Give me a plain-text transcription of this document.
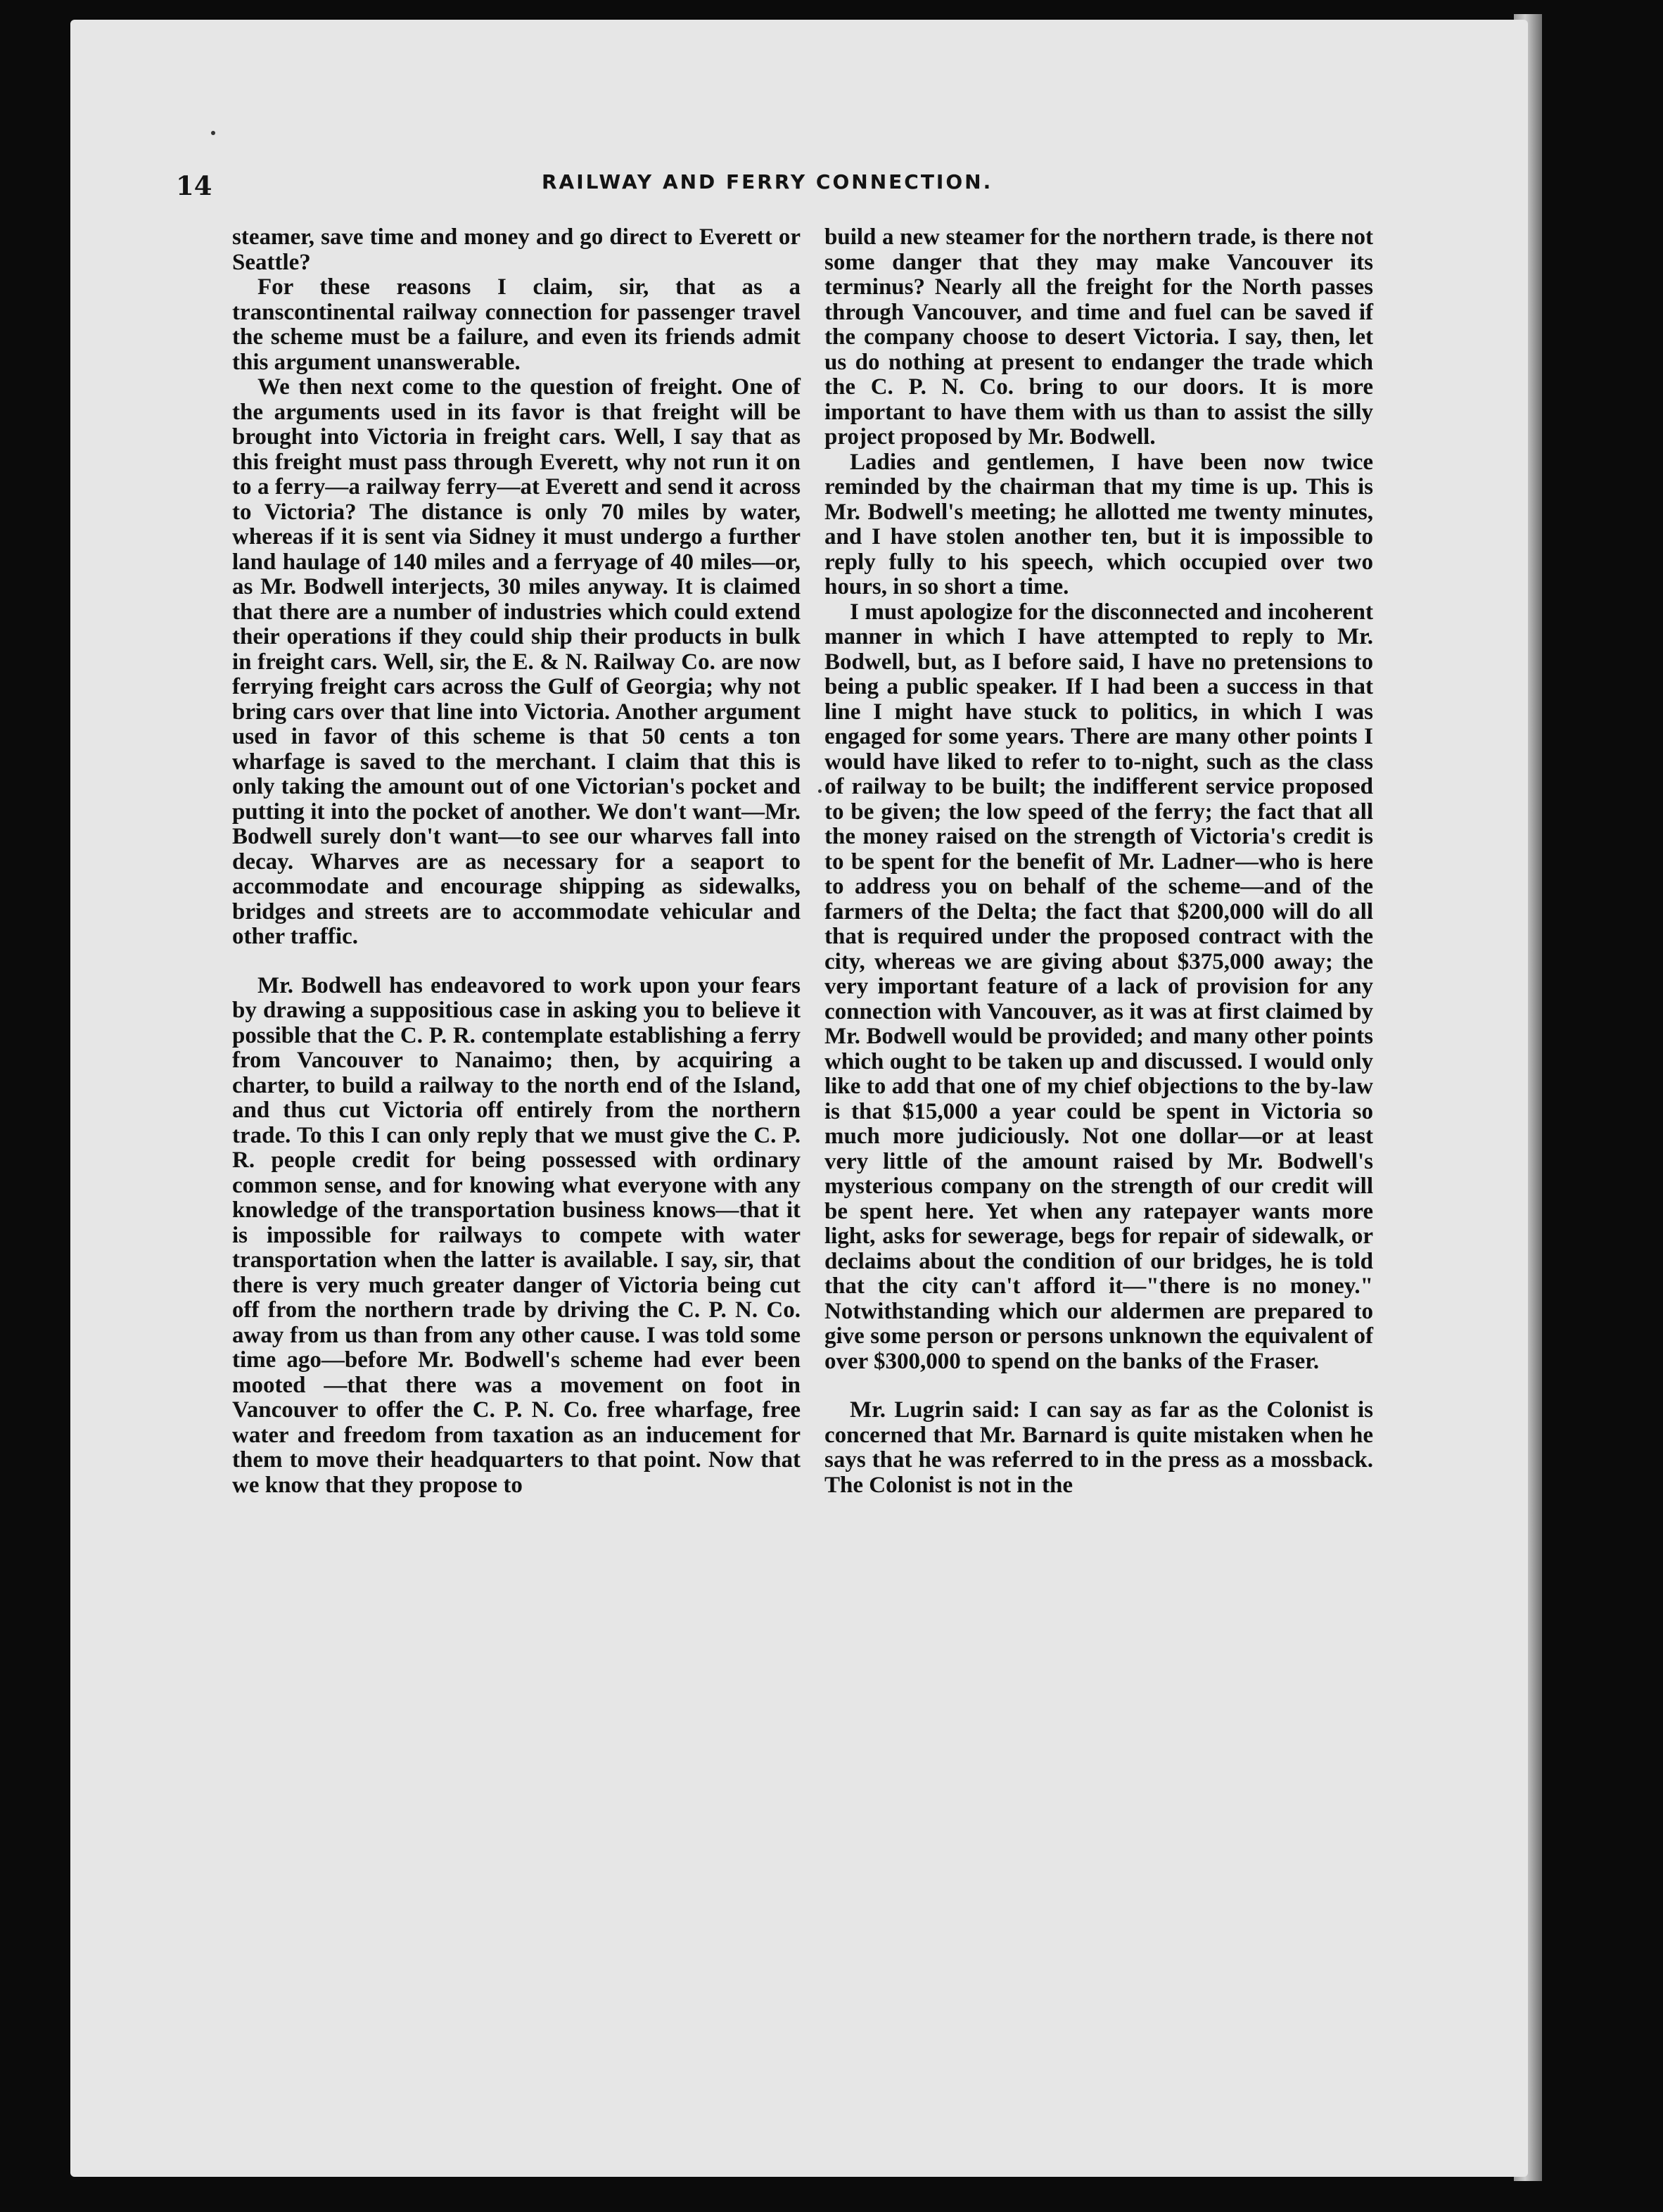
14	RAILWAY AND FERRY CONNECTION.

steamer, save time and money and go direct to Everett or Seattle?

For these reasons I claim, sir, that as a transcontinental railway connection for passenger travel the scheme must be a failure, and even its friends admit this argument unanswerable.

We then next come to the question of freight. One of the arguments used in its favor is that freight will be brought into Victoria in freight cars. Well, I say that as this freight must pass through Everett, why not run it on to a ferry—a railway ferry—at Everett and send it across to Victoria? The distance is only 70 miles by water, whereas if it is sent via Sidney it must undergo a further land haulage of 140 miles and a ferryage of 40 miles—or, as Mr. Bodwell interjects, 30 miles anyway. It is claimed that there are a number of industries which could extend their operations if they could ship their products in bulk in freight cars. Well, sir, the E. & N. Railway Co. are now ferrying freight cars across the Gulf of Georgia; why not bring cars over that line into Victoria. Another argument used in favor of this scheme is that 50 cents a ton wharfage is saved to the merchant. I claim that this is only taking the amount out of one Victorian's pocket and putting it into the pocket of another. We don't want—Mr. Bodwell surely don't want—to see our wharves fall into decay. Wharves are as necessary for a seaport to accommodate and encourage shipping as sidewalks, bridges and streets are to accommodate vehicular and other traffic.

Mr. Bodwell has endeavored to work upon your fears by drawing a suppositious case in asking you to believe it possible that the C. P. R. contemplate establishing a ferry from Vancouver to Nanaimo; then, by acquiring a charter, to build a railway to the north end of the Island, and thus cut Victoria off entirely from the northern trade. To this I can only reply that we must give the C. P. R. people credit for being possessed with ordinary common sense, and for knowing what everyone with any knowledge of the transportation business knows—that it is impossible for railways to compete with water transportation when the latter is available. I say, sir, that there is very much greater danger of Victoria being cut off from the northern trade by driving the C. P. N. Co. away from us than from any other cause. I was told some time ago—before Mr. Bodwell's scheme had ever been mooted —that there was a movement on foot in Vancouver to offer the C. P. N. Co. free wharfage, free water and freedom from taxation as an inducement for them to move their headquarters to that point. Now that we know that they propose to

build a new steamer for the northern trade, is there not some danger that they may make Vancouver its terminus? Nearly all the freight for the North passes through Vancouver, and time and fuel can be saved if the company choose to desert Victoria. I say, then, let us do nothing at present to endanger the trade which the C. P. N. Co. bring to our doors. It is more important to have them with us than to assist the silly project proposed by Mr. Bodwell.

Ladies and gentlemen, I have been now twice reminded by the chairman that my time is up. This is Mr. Bodwell's meeting; he allotted me twenty minutes, and I have stolen another ten, but it is impossible to reply fully to his speech, which occupied over two hours, in so short a time.

I must apologize for the disconnected and incoherent manner in which I have attempted to reply to Mr. Bodwell, but, as I before said, I have no pretensions to being a public speaker. If I had been a success in that line I might have stuck to politics, in which I was engaged for some years. There are many other points I would have liked to refer to to-night, such as the class of railway to be built; the indifferent service proposed to be given; the low speed of the ferry; the fact that all the money raised on the strength of Victoria's credit is to be spent for the benefit of Mr. Ladner—who is here to address you on behalf of the scheme—and of the farmers of the Delta; the fact that $200,000 will do all that is required under the proposed contract with the city, whereas we are giving about $375,000 away; the very important feature of a lack of provision for any connection with Vancouver, as it was at first claimed by Mr. Bodwell would be provided; and many other points which ought to be taken up and discussed. I would only like to add that one of my chief objections to the by-law is that $15,000 a year could be spent in Victoria so much more judiciously. Not one dollar—or at least very little of the amount raised by Mr. Bodwell's mysterious company on the strength of our credit will be spent here. Yet when any ratepayer wants more light, asks for sewerage, begs for repair of sidewalk, or declaims about the condition of our bridges, he is told that the city can't afford it—"there is no money." Notwithstanding which our aldermen are prepared to give some person or persons unknown the equivalent of over $300,000 to spend on the banks of the Fraser.

Mr. Lugrin said: I can say as far as the Colonist is concerned that Mr. Barnard is quite mistaken when he says that he was referred to in the press as a mossback. The Colonist is not in the
